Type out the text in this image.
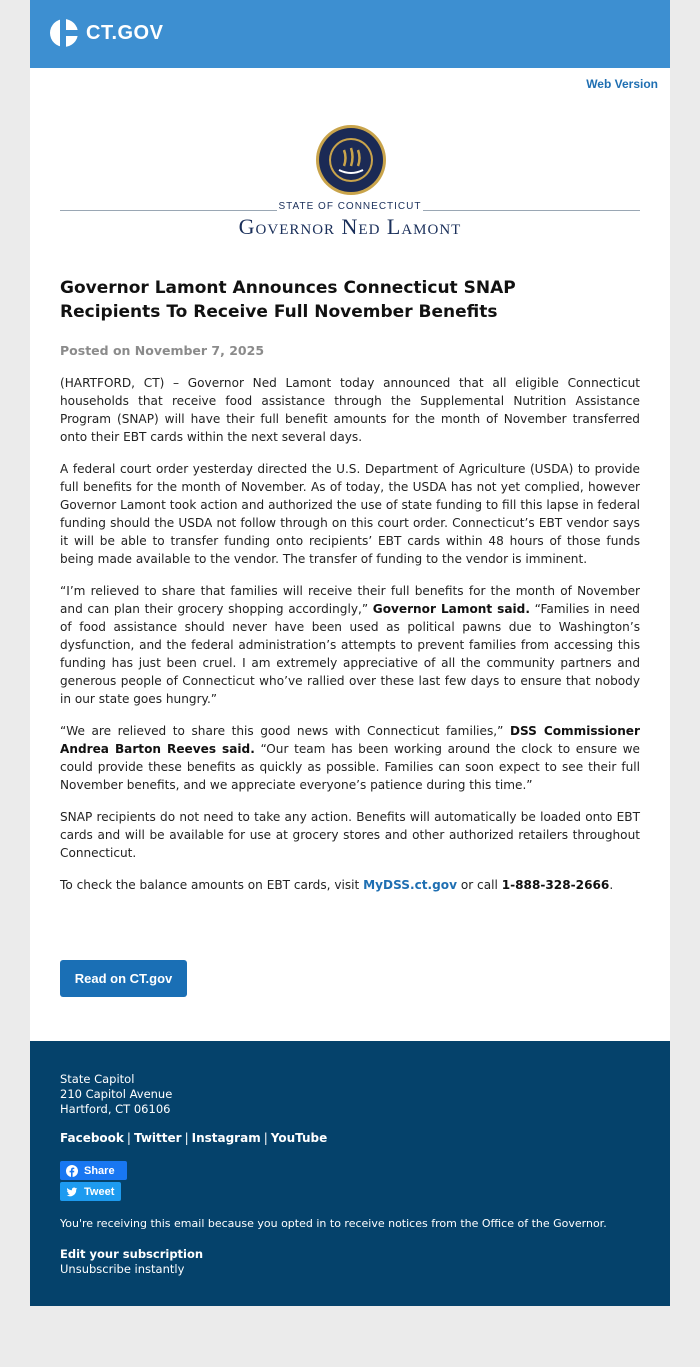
CT.GOV
Web Version
STATE OF CONNECTICUT
Governor Ned Lamont
Governor Lamont Announces Connecticut SNAP Recipients To Receive Full November Benefits
Posted on November 7, 2025

(HARTFORD, CT) – Governor Ned Lamont today announced that all eligible Connecticut households that receive food assistance through the Supplemental Nutrition Assistance Program (SNAP) will have their full benefit amounts for the month of November transferred onto their EBT cards within the next several days.

A federal court order yesterday directed the U.S. Department of Agriculture (USDA) to provide full benefits for the month of November. As of today, the USDA has not yet complied, however Governor Lamont took action and authorized the use of state funding to fill this lapse in federal funding should the USDA not follow through on this court order. Connecticut’s EBT vendor says it will be able to transfer funding onto recipients’ EBT cards within 48 hours of those funds being made available to the vendor. The transfer of funding to the vendor is imminent.

“I’m relieved to share that families will receive their full benefits for the month of November and can plan their grocery shopping accordingly,” Governor Lamont said. “Families in need of food assistance should never have been used as political pawns due to Washington’s dysfunction, and the federal administration’s attempts to prevent families from accessing this funding has just been cruel. I am extremely appreciative of all the community partners and generous people of Connecticut who’ve rallied over these last few days to ensure that nobody in our state goes hungry.”

“We are relieved to share this good news with Connecticut families,” DSS Commissioner Andrea Barton Reeves said. “Our team has been working around the clock to ensure we could provide these benefits as quickly as possible. Families can soon expect to see their full November benefits, and we appreciate everyone’s patience during this time.”

SNAP recipients do not need to take any action. Benefits will automatically be loaded onto EBT cards and will be available for use at grocery stores and other authorized retailers throughout Connecticut.

To check the balance amounts on EBT cards, visit MyDSS.ct.gov or call 1-888-328-2666.

Read on CT.gov
State Capitol
210 Capitol Avenue
Hartford, CT 06106
Facebook | Twitter | Instagram | YouTube
Share
Tweet
You're receiving this email because you opted in to receive notices from the Office of the Governor.
Edit your subscription
Unsubscribe instantly
